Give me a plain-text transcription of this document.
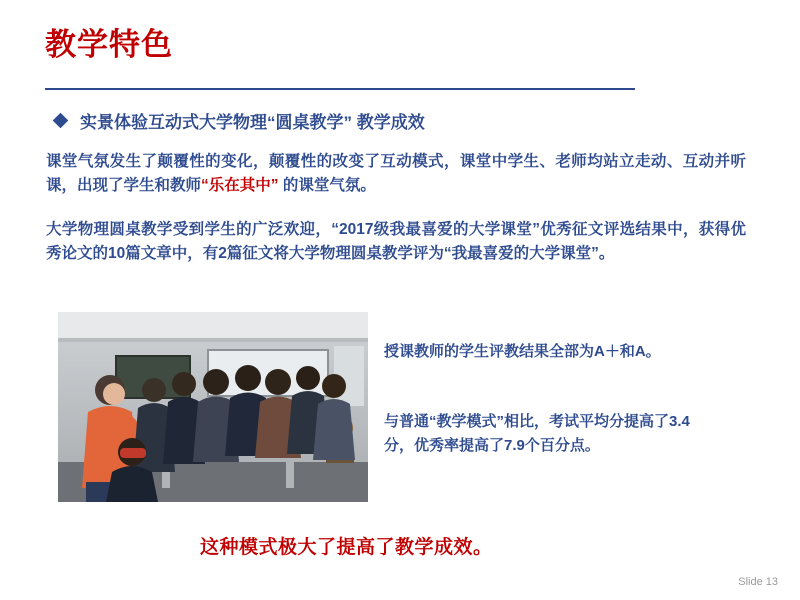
教学特色
实景体验互动式大学物理“圆桌教学” 教学成效
课堂气氛发生了颠覆性的变化，颠覆性的改变了互动模式，课堂中学生、老师均站立走动、互动并听课，出现了学生和教师“乐在其中” 的课堂气氛。
大学物理圆桌教学受到学生的广泛欢迎，“2017级我最喜爱的大学课堂”优秀征文评选结果中，获得优秀论文的10篇文章中，有2篇征文将大学物理圆桌教学评为“我最喜爱的大学课堂”。
授课教师的学生评教结果全部为A＋和A。
与普通“教学模式”相比，考试平均分提高了3.4分，优秀率提高了7.9个百分点。
这种模式极大了提高了教学成效。
Slide 13
